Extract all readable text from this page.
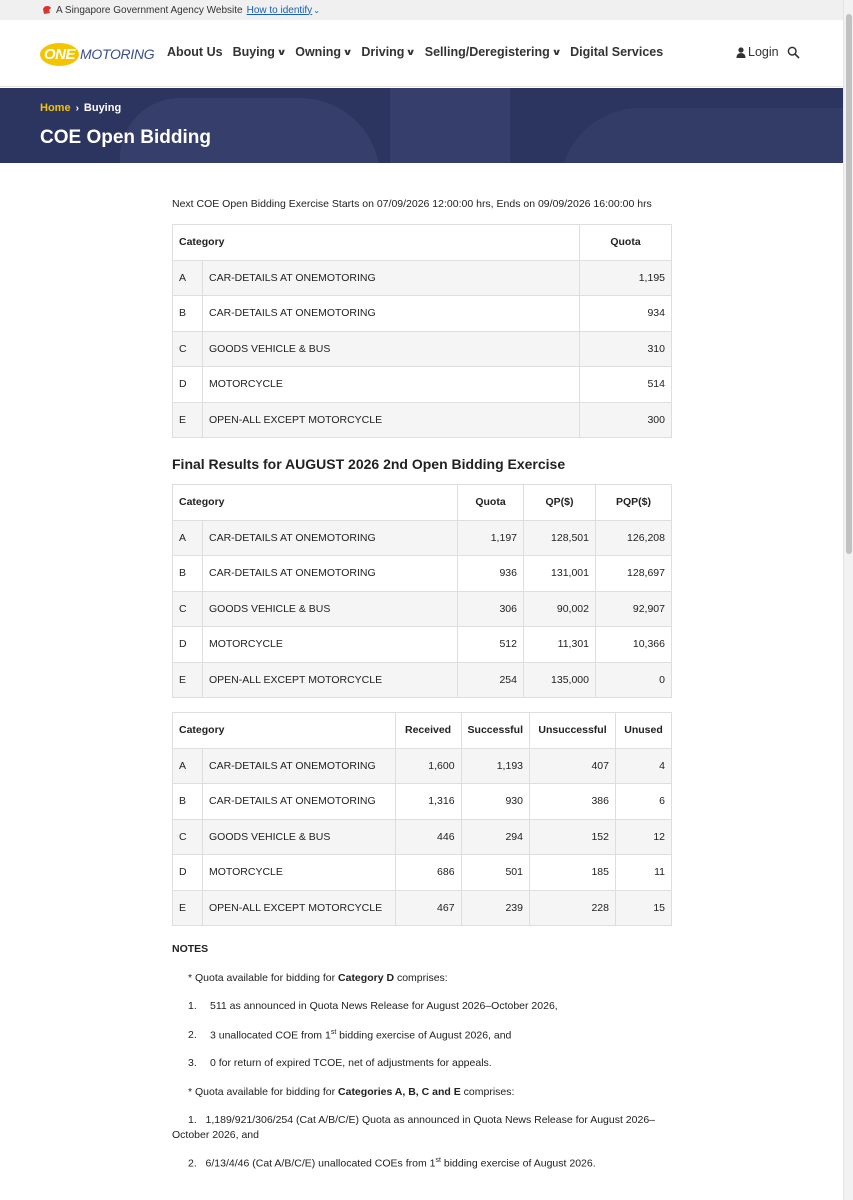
A Singapore Government Agency Website How to identify ⌄
ONE MOTORING About Us Buying ∨ Owning ∨ Driving ∨ Selling/Deregistering ∨ Digital Services	Login
Home › Buying
COE Open Bidding
Next COE Open Bidding Exercise Starts on 07/09/2026 12:00:00 hrs, Ends on 09/09/2026 16:00:00 hrs
Category		Quota
A	CAR-DETAILS AT ONEMOTORING	1,195
B	CAR-DETAILS AT ONEMOTORING	934
C	GOODS VEHICLE & BUS	310
D	MOTORCYCLE	514
E	OPEN-ALL EXCEPT MOTORCYCLE	300
Final Results for AUGUST 2026 2nd Open Bidding Exercise
Category		Quota	QP($)	PQP($)
A	CAR-DETAILS AT ONEMOTORING	1,197	128,501	126,208
B	CAR-DETAILS AT ONEMOTORING	936	131,001	128,697
C	GOODS VEHICLE & BUS	306	90,002	92,907
D	MOTORCYCLE	512	11,301	10,366
E	OPEN-ALL EXCEPT MOTORCYCLE	254	135,000	0
Category		Received	Successful	Unsuccessful	Unused
A	CAR-DETAILS AT ONEMOTORING	1,600	1,193	407	4
B	CAR-DETAILS AT ONEMOTORING	1,316	930	386	6
C	GOODS VEHICLE & BUS	446	294	152	12
D	MOTORCYCLE	686	501	185	11
E	OPEN-ALL EXCEPT MOTORCYCLE	467	239	228	15
NOTES

* Quota available for bidding for Category D comprises:

1. 511 as announced in Quota News Release for August 2026–October 2026,

2. 3 unallocated COE from 1st bidding exercise of August 2026, and

3. 0 for return of expired TCOE, net of adjustments for appeals.

* Quota available for bidding for Categories A, B, C and E comprises:

1. 1,189/921/306/254 (Cat A/B/C/E) Quota as announced in Quota News Release for August 2026–October 2026, and

2. 6/13/4/46 (Cat A/B/C/E) unallocated COEs from 1st bidding exercise of August 2026.
